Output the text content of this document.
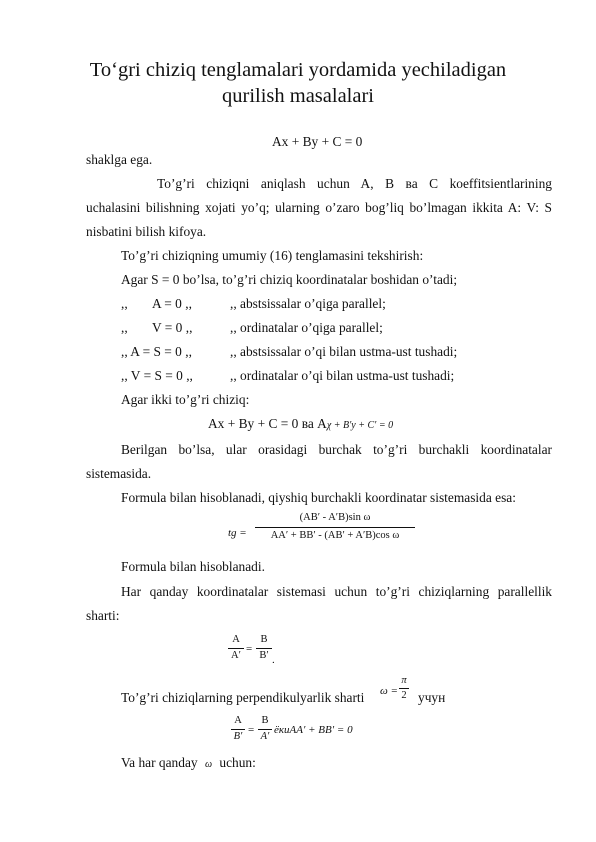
To‘gri chiziq tenglamalari yordamida yechiladigan
qurilish masalalari
Ax + By + C = 0
shaklga ega.
To’g’ri chiziqni aniqlash uchun A, B ва C koeffitsientlarining
uchalasini bilishning xojati yo’q; ularning o’zaro bog’liq bo’lmagan ikkita A: V: S
nisbatini bilish kifoya.
To’g’ri chiziqning umumiy (16) tenglamasini tekshirish:
Agar S = 0 bo’lsa, to’g’ri chiziq koordinatalar boshidan o’tadi;
,, A = 0 ,,	,, abstsissalar o’qiga parallel;
,, V = 0 ,,	,, ordinatalar o’qiga parallel;
,, A = S = 0 ,,	,, abstsissalar o’qi bilan ustma-ust tushadi;
,, V = S = 0 ,,	,, ordinatalar o’qi bilan ustma-ust tushadi;
Agar ikki to’g’ri chiziq:
Ax + By + C = 0 ва Aχ + B′y + C′ = 0
Berilgan bo’lsa, ular orasidagi burchak to’g’ri burchakli koordinatalar
sistemasida.
Formula bilan hisoblanadi, qiyshiq burchakli koordinatar sistemasida esa:
tg =
(AB′ - A′B)sin ω
AA′ + BB′ - (AB′ + A′B)cos ω
Formula bilan hisoblanadi.
Har qanday koordinatalar sistemasi uchun to’g’ri chiziqlarning parallellik
sharti:
A
A′
=
B
B′ .
To’g’ri chiziqlarning perpendikulyarlik sharti ω =
π
2 учун
A
B′
=
B
A′
ёкиAA′ + BB′ = 0
Va har qanday ω uchun:
